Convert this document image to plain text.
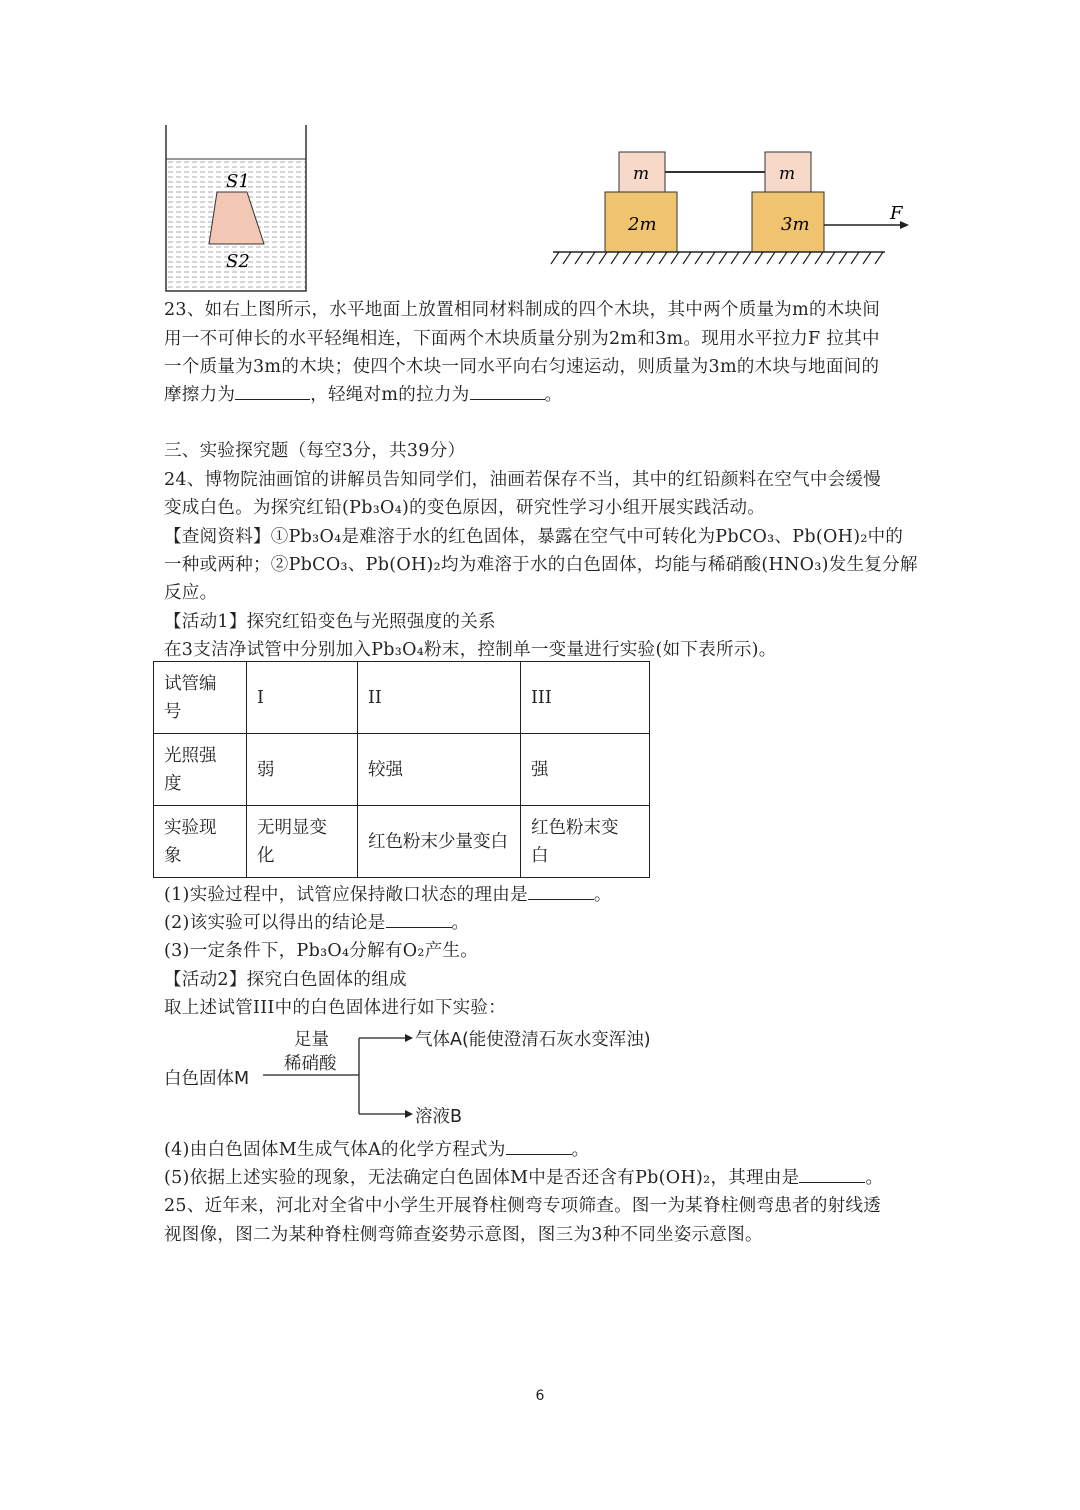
S1
S2
m	m
2m	3m
F
23、如右上图所示，水平地面上放置相同材料制成的四个木块，其中两个质量为m的木块间
用一不可伸长的水平轻绳相连，下面两个木块质量分别为2m和3m。现用水平拉力F 拉其中
一个质量为3m的木块；使四个木块一同水平向右匀速运动，则质量为3m的木块与地面间的
摩擦力为	，轻绳对m的拉力为	。
三、实验探究题（每空3分，共39分）
24、博物院油画馆的讲解员告知同学们，油画若保存不当，其中的红铅颜料在空气中会缓慢
变成白色。为探究红铅(Pb₃O₄)的变色原因，研究性学习小组开展实践活动。
【查阅资料】①Pb₃O₄是难溶于水的红色固体，暴露在空气中可转化为PbCO₃、Pb(OH)₂中的
一种或两种；②PbCO₃、Pb(OH)₂均为难溶于水的白色固体，均能与稀硝酸(HNO₃)发生复分解
反应。
【活动1】探究红铅变色与光照强度的关系
在3支洁净试管中分别加入Pb₃O₄粉末，控制单一变量进行实验(如下表所示)。
试管编号	I	II	III

光照强度	弱	较强	强

实验现象	无明显变化	红色粉末少量变白	红色粉末变白
(1)实验过程中，试管应保持敞口状态的理由是	。
(2)该实验可以得出的结论是	。
(3)一定条件下，Pb₃O₄分解有O₂产生。
【活动2】探究白色固体的组成
取上述试管III中的白色固体进行如下实验：
白色固体M
足量
稀硝酸
气体A(能使澄清石灰水变浑浊)
溶液B
(4)由白色固体M生成气体A的化学方程式为	。
(5)依据上述实验的现象，无法确定白色固体M中是否还含有Pb(OH)₂，其理由是	。
25、近年来，河北对全省中小学生开展脊柱侧弯专项筛查。图一为某脊柱侧弯患者的射线透
视图像，图二为某种脊柱侧弯筛查姿势示意图，图三为3种不同坐姿示意图。
6
